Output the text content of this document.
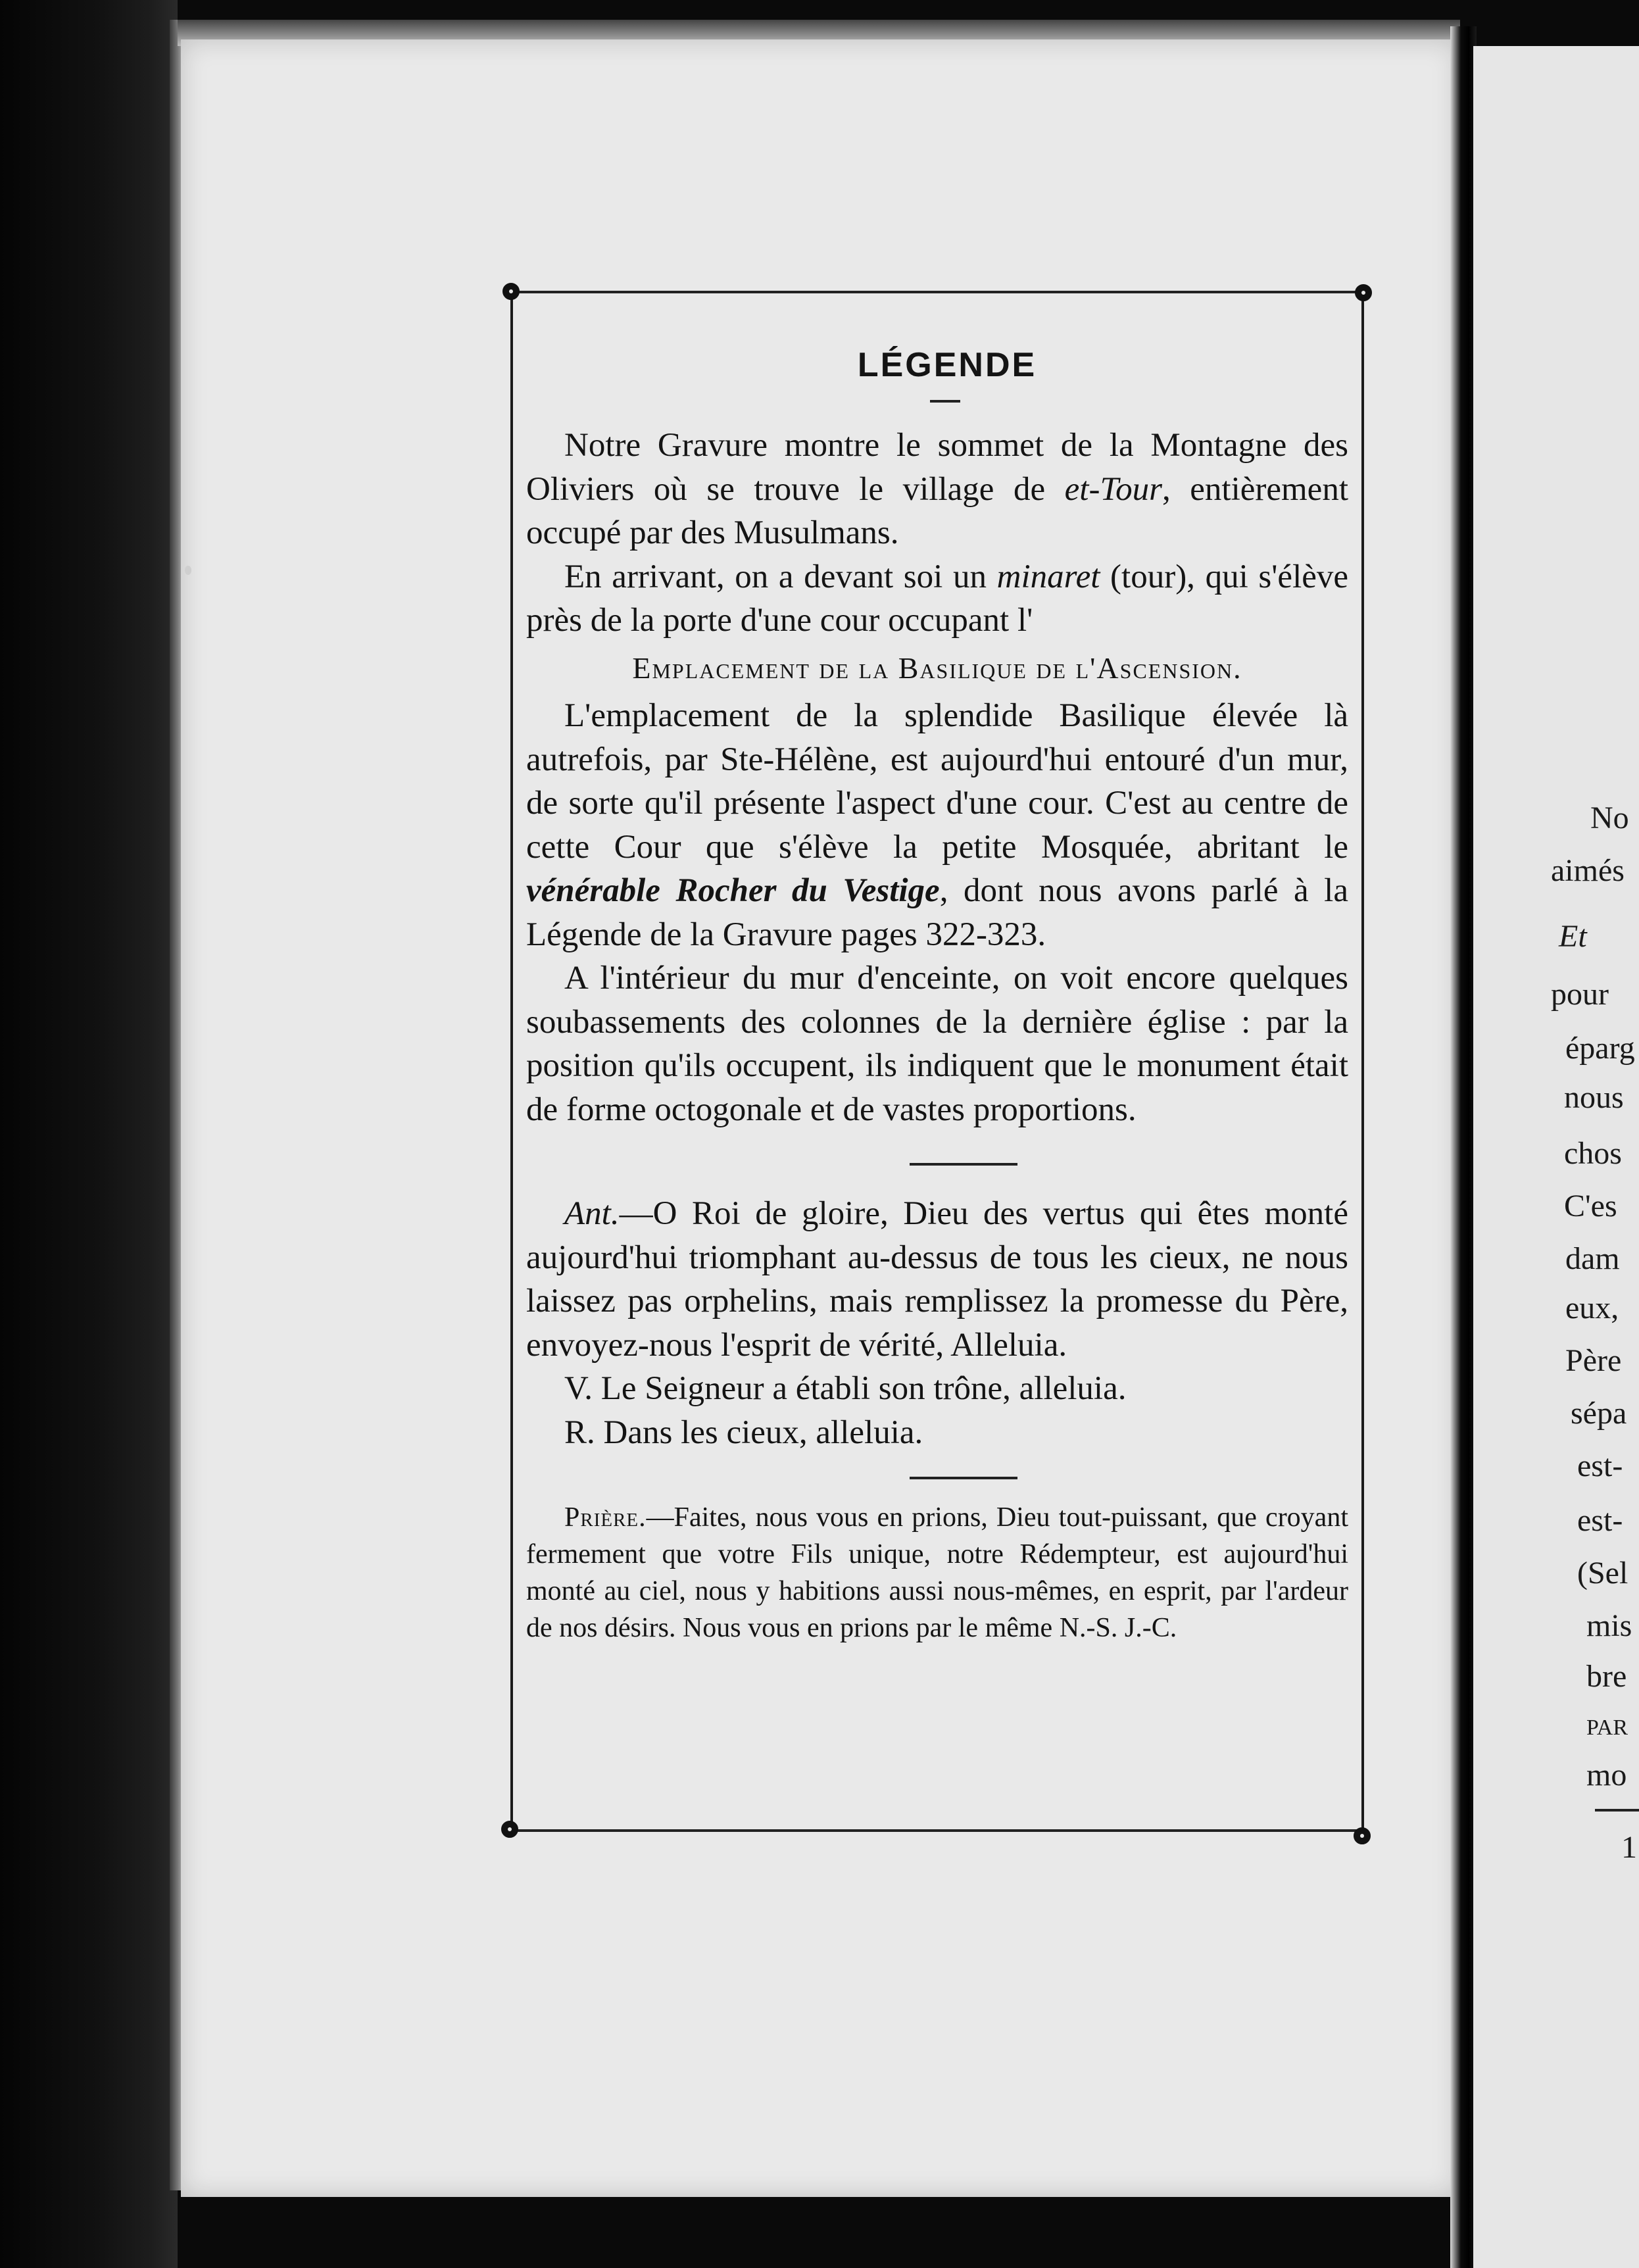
No
aimés
Et
pour
éparg
nous
chos
C'es
dam
eux,
Père
sépa
est-
est-
(Sel
mis
bre
PAR
mo
1
LÉGENDE

Notre Gravure montre le sommet de la Montagne des Oliviers où se trouve le village de et-Tour, entièrement occupé par des Musulmans.

En arrivant, on a devant soi un minaret (tour), qui s'élève près de la porte d'une cour occupant l'

Emplacement de la Basilique de l'Ascension.

L'emplacement de la splendide Basilique élevée là autrefois, par Ste-Hélène, est aujourd'hui entouré d'un mur, de sorte qu'il présente l'aspect d'une cour. C'est au centre de cette Cour que s'élève la petite Mosquée, abritant le vénérable Rocher du Vestige, dont nous avons parlé à la Légende de la Gravure pages 322-323.

A l'intérieur du mur d'enceinte, on voit encore quelques soubassements des colonnes de la dernière église : par la position qu'ils occupent, ils indiquent que le monument était de forme octogonale et de vastes proportions.

Ant.—O Roi de gloire, Dieu des vertus qui êtes monté aujourd'hui triomphant au-dessus de tous les cieux, ne nous laissez pas orphelins, mais remplissez la promesse du Père, envoyez-nous l'esprit de vérité, Alleluia.

V. Le Seigneur a établi son trône, alleluia.

R. Dans les cieux, alleluia.

Prière.—Faites, nous vous en prions, Dieu tout-puissant, que croyant fermement que votre Fils unique, notre Rédempteur, est aujourd'hui monté au ciel, nous y habitions aussi nous-mêmes, en esprit, par l'ardeur de nos désirs. Nous vous en prions par le même N.-S. J.-C.
